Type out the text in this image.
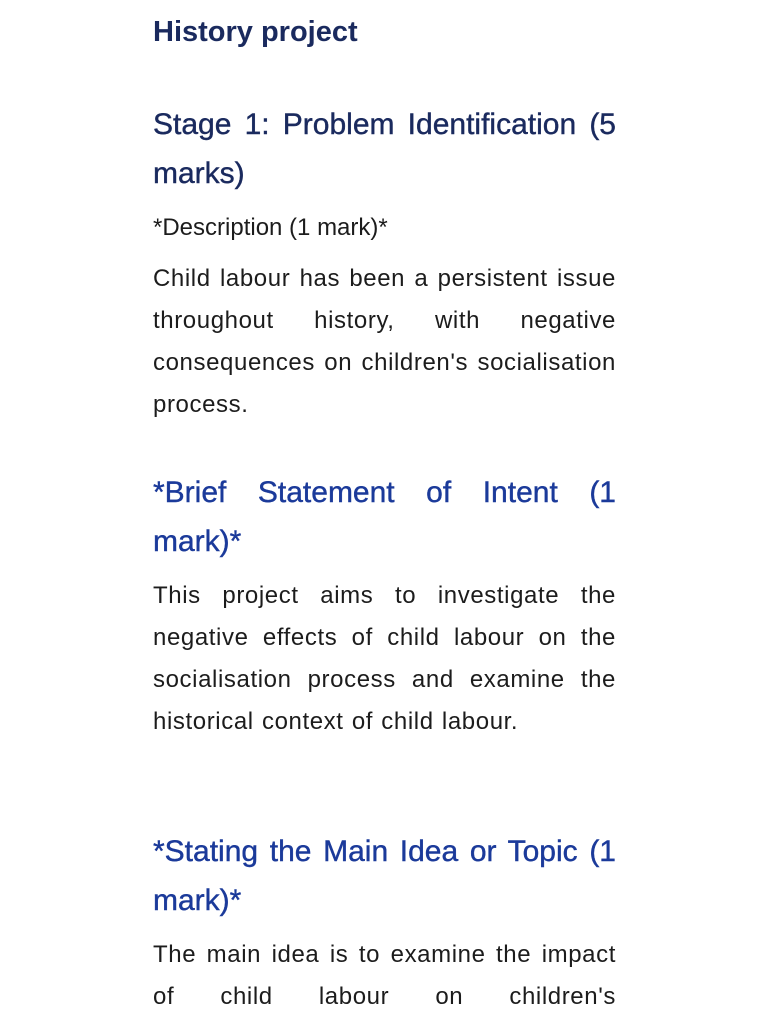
History project
Stage 1: Problem Identification (5 marks)

*Description (1 mark)*

Child labour has been a persistent issue throughout history, with negative consequences on children's socialisation process.

*Brief Statement of Intent (1 mark)*

This project aims to investigate the negative effects of child labour on the socialisation process and examine the historical context of child labour.

*Stating the Main Idea or Topic (1 mark)*

The main idea is to examine the impact of child labour on children's
